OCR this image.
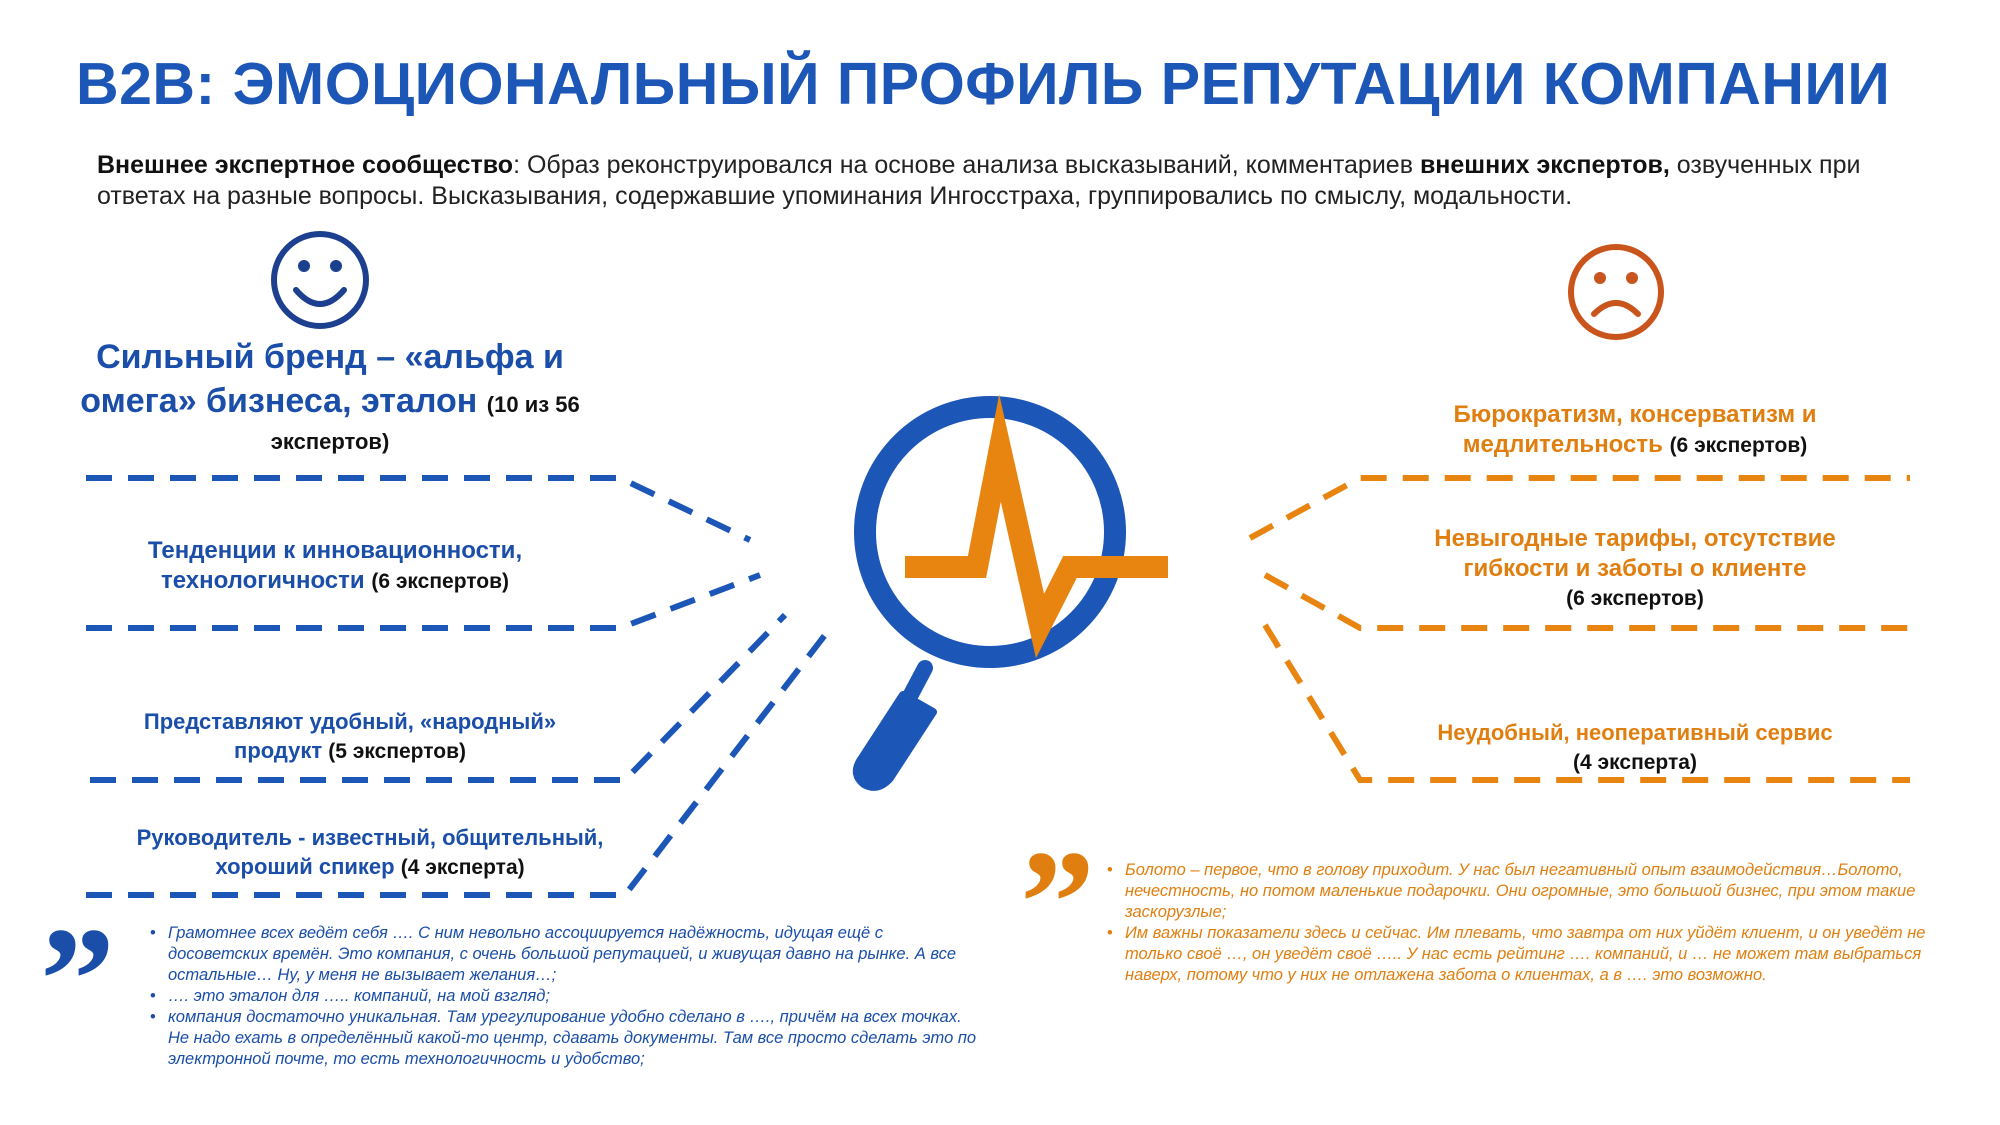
B2B: ЭМОЦИОНАЛЬНЫЙ ПРОФИЛЬ РЕПУТАЦИИ КОМПАНИИ
Внешнее экспертное сообщество: Образ реконструировался на основе анализа высказываний, комментариев внешних экспертов, озвученных при ответах на разные вопросы. Высказывания, содержавшие упоминания Ингосстраха, группировались по смыслу, модальности.
Сильный бренд – «альфа и омега» бизнеса, эталон (10 из 56
экспертов)
Тенденции к инновационности, технологичности (6 экспертов)
Представляют удобный, «народный» продукт (5 экспертов)
Руководитель - известный, общительный, хороший спикер (4 эксперта)
Бюрократизм, консерватизм и медлительность (6 экспертов)
Невыгодные тарифы, отсутствие гибкости и заботы о клиенте
(6 экспертов)
Неудобный, неоперативный сервис
(4 эксперта)
”	• Грамотнее всех ведёт себя …. С ним невольно ассоциируется надёжность, идущая ещё с досоветских времён. Это компания, с очень большой репутацией, и живущая давно на рынке. А все остальные… Ну, у меня не вызывает желания…;
• …. это эталон для ….. компаний, на мой взгляд;
• компания достаточно уникальная. Там урегулирование удобно сделано в …., причём на всех точках. Не надо ехать в определённый какой-то центр, сдавать документы. Там все просто сделать это по электронной почте, то есть технологичность и удобство;
”	• Болото – первое, что в голову приходит. У нас был негативный опыт взаимодействия…Болото, нечестность, но потом маленькие подарочки. Они огромные, это большой бизнес, при этом такие заскорузлые;
• Им важны показатели здесь и сейчас. Им плевать, что завтра от них уйдёт клиент, и он уведёт не только своё …, он уведёт своё ….. У нас есть рейтинг …. компаний, и … не может там выбраться наверх, потому что у них не отлажена забота о клиентах, а в …. это возможно.
